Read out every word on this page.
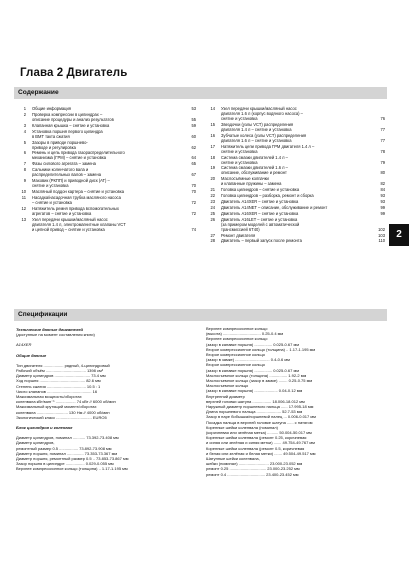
Глава 2 Двигатель
Содержание
1	Общие информация	53
2	Проверка компрессии в цилиндрах –
описание процедуры и анализ результатов	55
3	Клапанная крышка – снятие и установка	59
4	Установка поршня первого цилиндра
в ВМТ такта сжатия	60
5	Зазоры в приводе поршнево-
приводе и регулировка	62
6	Ремень и цепь привода газораспределительного
механизма (ГРМ) – снятие и установка	64
7	Фазы силового агрегата – замена	65
8	Сальники коленчатого вала и
распределительных валов – замена	67
9	Маховик (РКПП) и приводной диск (АТ) –
снятие и установка	70
10	Масляный поддон картера – снятие и установка	70
11	Насадка/насадочная трубка масляного насоса
– снятие и установка	72
12	Натяжитель ремня привода вспомогательных
агрегатов – снятие и установка	72
13	Узел передачи крышки/масляный насос
двигателя 1.4 л, электромагнитные клапаны VCT
и цепной привод – снятие и установка	74
14	Узел передачи крышки/масляный насос
двигателя 1.6 л (корпус водяного насоса) –
снятие и установка	76
15	Звездочки (узлы VCT) распределения
двигателя 1.4 л – снятие и установка	77
16	Зубчатые колеса (узлы VCT) распределения
двигателя 1.6 л – снятие и установка	77
17	Натяжитель цепи привода ГРМ двигателя 1.4 л –
снятие и установка	78
18	Система смазки двигателей 1.4 л –
снятие и установка	79
19	Система смазки двигателей 1.6 л –
описание, обслуживание и ремонт	80
20	Маслосъёмные колпачки
и клапанные пружины – замена	82
21	Головка цилиндров – снятие и установка	84
22	Головка цилиндров – разборка, ремонт и сборка	93
23	Двигатель A14XER – снятие и установка	93
24	Двигатель A14NET – описание, обслуживание и ремонт	99
25	Двигатель A16XER – снятие и установка	99
26	Двигатель A16LET – снятие и установка
(за примером моделей с автоматической
трансмиссией 6Т40)	102
27	Ремонт двигателя	103
28	Двигатель – первый запуск после ремонта	110
2
Спецификации
Технические данные двигателей
(доступные на момент составления книги)
A14XER
Общие данные
Тип двигателя .................. рядный, 4-цилиндровый
Рабочий объём .................................... 1398 см³
Диаметр цилиндров ................................ 73.4 мм
Ход поршня ......................................... 82.6 мм
Степень сжатия ................................... 10.5 : 1
Число клапанов ........................................ 16
Максимальная мощность/оборотах
коленвала кВт/мин⁻¹ .................. 74 кВт // 6000 об/мин
Максимальный крутящий момент/оборотах
коленвала ............................ 130 Нм // 4000 об/мин
Экологический класс ................................ EURO5
Блок цилиндров и коленвал
Диаметр цилиндров, номинал ........... 73.392-73.408 мм
Диаметр цилиндров,
ремонтный размер 0.5 ................. 73.892-73.908 мм
Диаметр поршня, номинал ............... 73.353-73.367 мм
Диаметр поршня, ремонтный размер 0.5 .. 73.853-73.867 мм
Зазор поршня в цилиндре ................. 0.029-0.055 мм
Верхнее компрессионное кольцо (толщина) .. 1.17-1.195 мм
Верхнее компрессионное кольцо
(высота) .................................. 0.25-0.4 мм
Верхнее компрессионное кольцо
(зазор в канавке поршня) ................ 0.025-0.67 мм
Второе компрессионное кольцо (толщина) .. 1.17-1.195 мм
Второе компрессионное кольцо
(зазор в замке) ............................... 0.4-0.6 мм
Второе компрессионное кольцо
(зазор в канавке поршня) ................ 0.025-0.67 мм
Маслосъемное кольцо (толщина) ................ 1.92-2 мм
Маслосъемное кольцо (зазор в замке) ........ 0.25-0.75 мм
Маслосъемное кольцо
(зазор в канавке поршня) ..................... 0.04-0.12 мм
Внутренний диаметр
верхней головки шатуна ................. 18.006-18.012 мм
Наружный диаметр поршневого пальца ...... 17.995-18 мм
Длина поршневого пальца ...................... 52.7-53 мм
Зазор в паре бобышка/поршневой палец ... 0.006-0.017 мм
Посадка пальца в верхней головке шатуна ...... с натягом
Коренные шейки коленвала (номинал)
(коричневая или зелёная метка) .......... 50.004-50.017 мм
Коренные шейки коленвала (ремонт 0.25, коричневая
и синяя или зелёная и синяя метки) ....... 49.754-49.767 мм
Коренные шейки коленвала (ремонт 0.5, коричневая
и белая или зелёная и белая метки) ....... 49.504-49.517 мм
Шатунные шейки коленвала,
шейки (номинал) ........................... 23.000-23.052 мм
ремонт 0.25 ................................. 23.000-23.252 мм
ремонт 0.4 .................................. 23.400-23.452 мм
